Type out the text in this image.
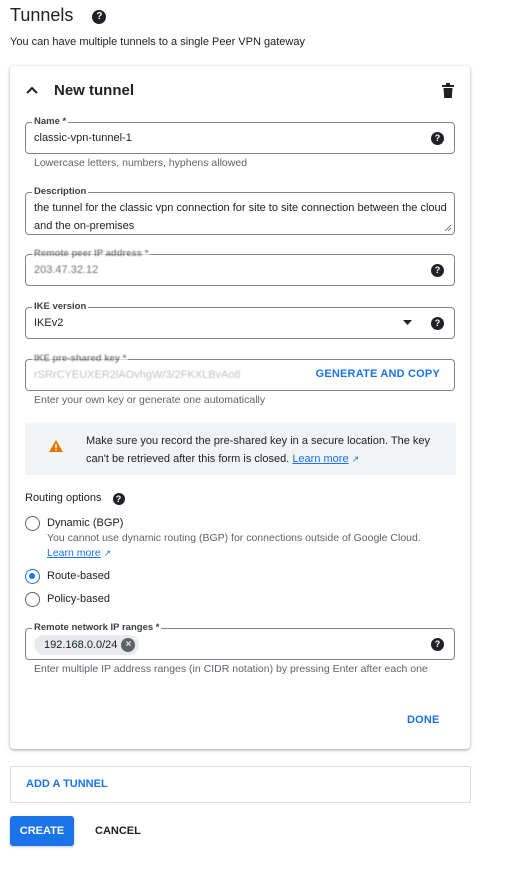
Tunnels ?
You can have multiple tunnels to a single Peer VPN gateway
New tunnel
Name *
classic-vpn-tunnel-1	?
Lowercase letters, numbers, hyphens allowed
Description
the tunnel for the classic vpn connection for site to site connection between the cloud and the on-premises
Remote peer IP address *
203.47.32.12	?
IKE version
IKEv2	?
IKE pre-shared key *
rSRrCYEUXER2lAOvhgW/3/2FKXLBvAo8	GENERATE AND COPY
Enter your own key or generate one automatically
Make sure you record the pre-shared key in a secure location. The key can't be retrieved after this form is closed. Learn more ↗
Routing options ?
Dynamic (BGP)
You cannot use dynamic routing (BGP) for connections outside of Google Cloud.
Learn more ↗
Route-based
Policy-based
Remote network IP ranges *
192.168.0.0/24 ×	?
Enter multiple IP address ranges (in CIDR notation) by pressing Enter after each one
DONE
ADD A TUNNEL
CREATE	CANCEL
